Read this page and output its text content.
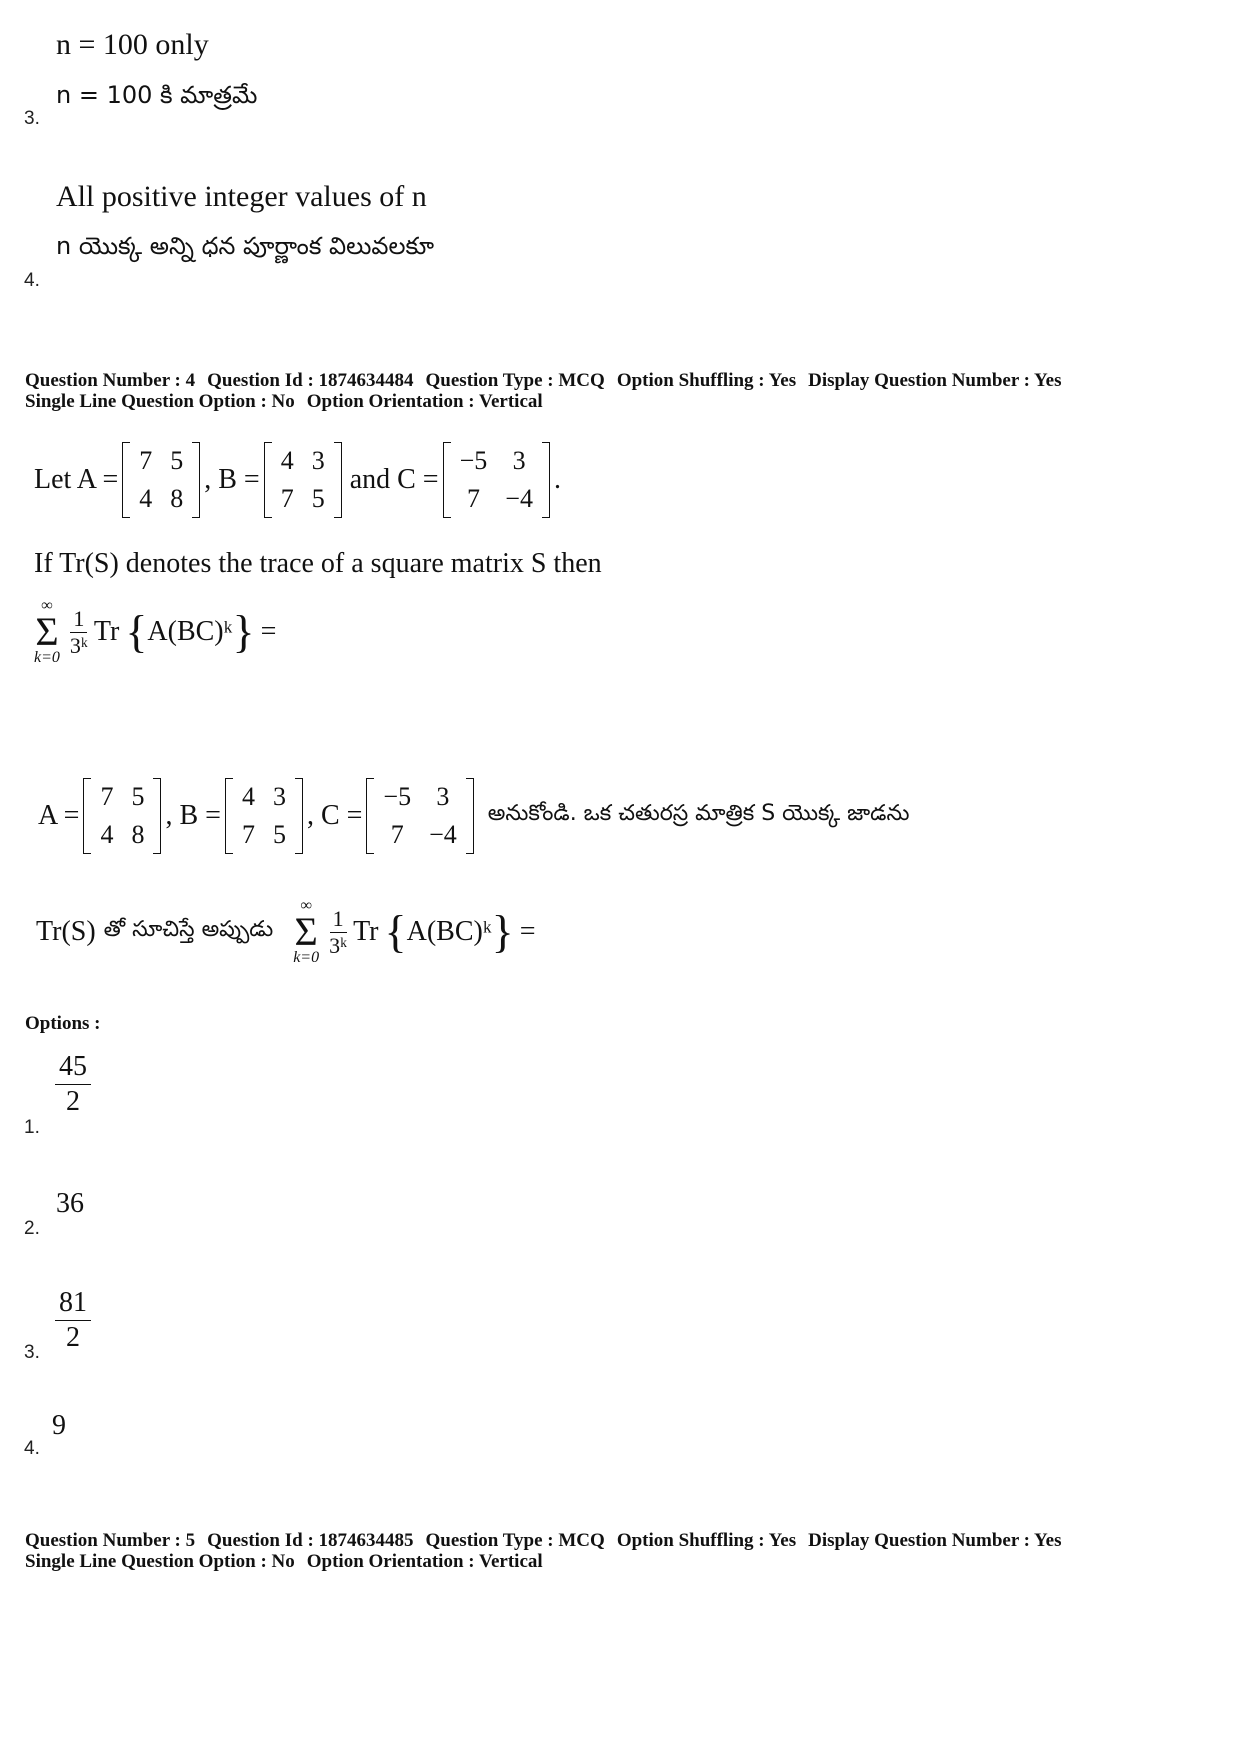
n = 100 only
n = 100 కి మాత్రమే
3.
All positive integer values of n
n యొక్క అన్ని ధన పూర్ణాంక విలువలకూ
4.
Question Number : 4 Question Id : 1874634484 Question Type : MCQ Option Shuffling : Yes Display Question Number : Yes
Single Line Question Option : No Option Orientation : Vertical
Let A =
7	5
4	8
, B =
4	3
7	5
and C =
−5	3
7	−4
.
If Tr(S) denotes the trace of a square matrix S then
∞
Σ
$k=0 \frac{1}{\text{3ᵏ}}$ Tr { A(BC)ᵏ } =
A =
7	5
4	8
, B =
4	3
7	5
, C =
−5	3
7	−4
అనుకోండి. ఒక చతురస్ర మాత్రిక S యొక్క జాడను
Tr(S) తో సూచిస్తే అప్పుడు
∞
Σ
$k=0 \frac{1}{\text{3ᵏ}}$ Tr { A(BC)ᵏ } =
Options :
$\frac{45}{2}$
1.
36
2.
$\frac{81}{2}$
3.
9
4.
Question Number : 5 Question Id : 1874634485 Question Type : MCQ Option Shuffling : Yes Display Question Number : Yes
Single Line Question Option : No Option Orientation : Vertical
